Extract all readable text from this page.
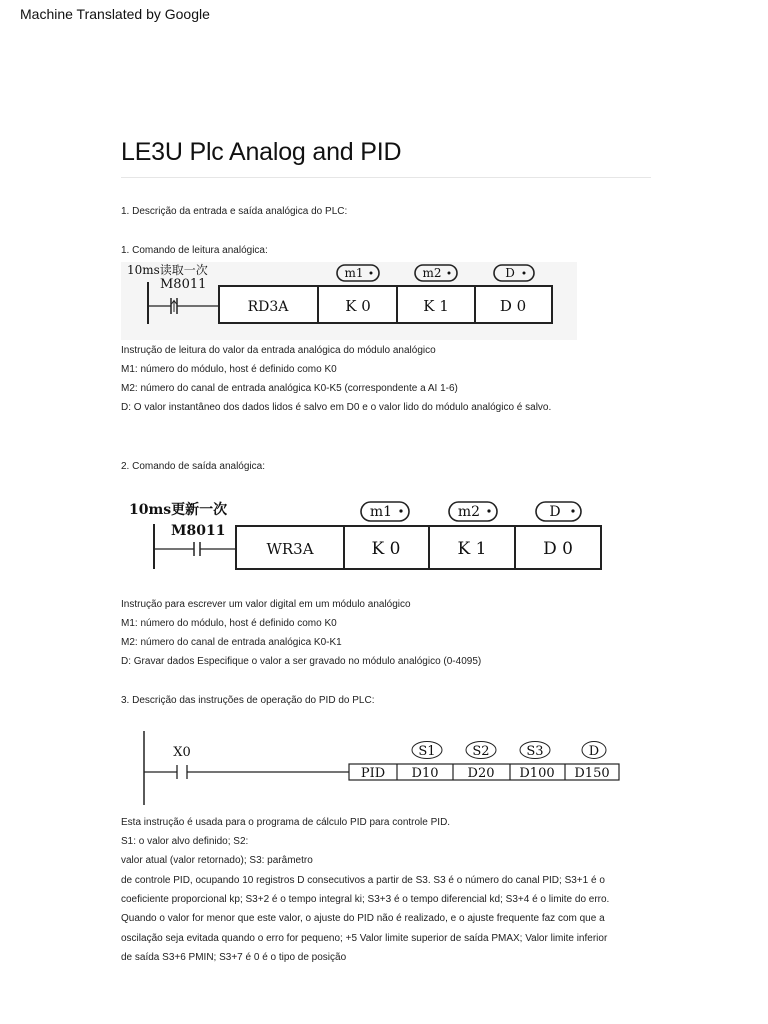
Machine Translated by Google
LE3U Plc Analog and PID
1. Descrição da entrada e saída analógica do PLC:
1. Comando de leitura analógica:
10ms读取一次
M8011
RD3A	K 0	K 1	D 0
m1	m2	D
Instrução de leitura do valor da entrada analógica do módulo analógico
M1: número do módulo, host é definido como K0
M2: número do canal de entrada analógica K0-K5 (correspondente a AI 1-6)
D: O valor instantâneo dos dados lidos é salvo em D0 e o valor lido do módulo analógico é salvo.
2. Comando de saída analógica:
10ms更新一次
M8011
WR3A	K 0	K 1	D 0
m1	m2	D
Instrução para escrever um valor digital em um módulo analógico
M1: número do módulo, host é definido como K0
M2: número do canal de entrada analógica K0-K1
D: Gravar dados Especifique o valor a ser gravado no módulo analógico (0-4095)
3. Descrição das instruções de operação do PID do PLC:
X0
PID D10 D20 D100 D150
S1	S2	S3	D
Esta instrução é usada para o programa de cálculo PID para controle PID.
S1: o valor alvo definido; S2:
valor atual (valor retornado); S3: parâmetro
de controle PID, ocupando 10 registros D consecutivos a partir de S3. S3 é o número do canal PID; S3+1 é o
coeficiente proporcional kp; S3+2 é o tempo integral ki; S3+3 é o tempo diferencial kd; S3+4 é o limite do erro.
Quando o valor for menor que este valor, o ajuste do PID não é realizado, e o ajuste frequente faz com que a
oscilação seja evitada quando o erro for pequeno; +5 Valor limite superior de saída PMAX; Valor limite inferior
de saída S3+6 PMIN; S3+7 é 0 é o tipo de posição
